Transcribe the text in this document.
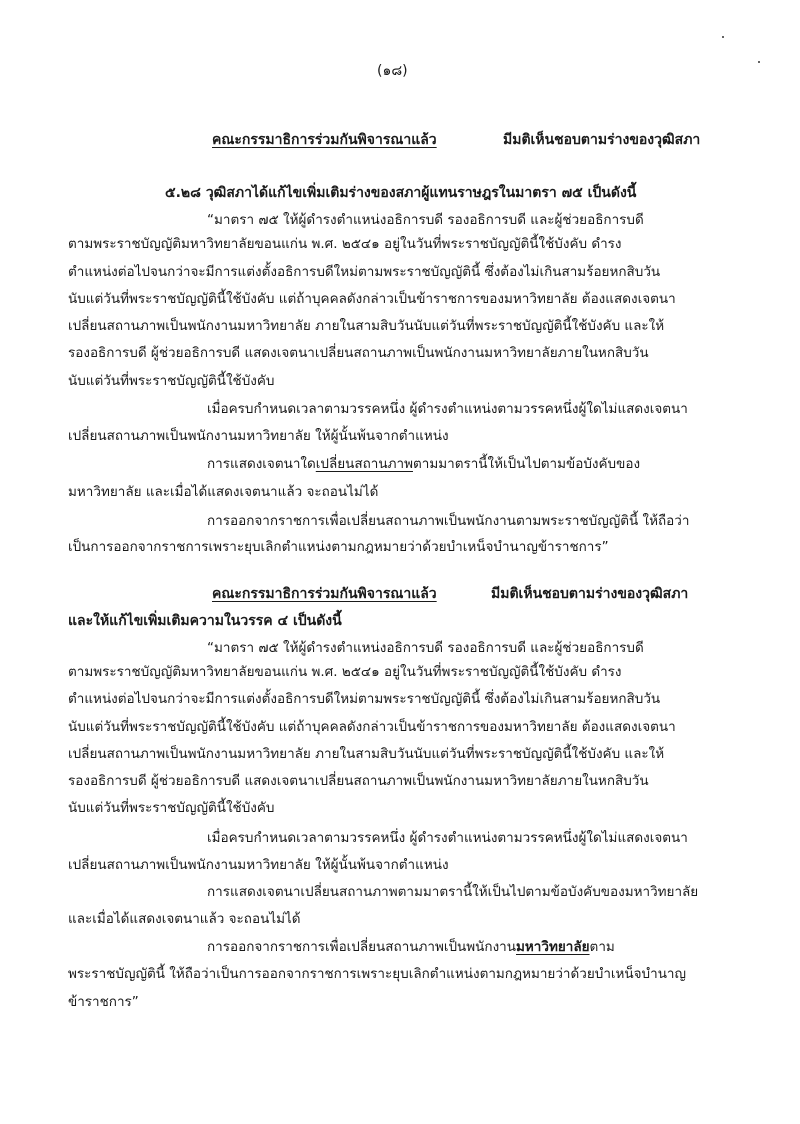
(๑๘)
คณะกรรมาธิการร่วมกันพิจารณาแล้ว	มีมติเห็นชอบตามร่างของวุฒิสภา
๕.๒๘ วุฒิสภาได้แก้ไขเพิ่มเติมร่างของสภาผู้แทนราษฎรในมาตรา ๗๕ เป็นดังนี้
“มาตรา ๗๕ ให้ผู้ดำรงตำแหน่งอธิการบดี รองอธิการบดี และผู้ช่วยอธิการบดี
ตามพระราชบัญญัติมหาวิทยาลัยขอนแก่น พ.ศ. ๒๕๔๑ อยู่ในวันที่พระราชบัญญัตินี้ใช้บังคับ ดำรง
ตำแหน่งต่อไปจนกว่าจะมีการแต่งตั้งอธิการบดีใหม่ตามพระราชบัญญัตินี้ ซึ่งต้องไม่เกินสามร้อยหกสิบวัน
นับแต่วันที่พระราชบัญญัตินี้ใช้บังคับ แต่ถ้าบุคคลดังกล่าวเป็นข้าราชการของมหาวิทยาลัย ต้องแสดงเจตนา
เปลี่ยนสถานภาพเป็นพนักงานมหาวิทยาลัย ภายในสามสิบวันนับแต่วันที่พระราชบัญญัตินี้ใช้บังคับ และให้
รองอธิการบดี ผู้ช่วยอธิการบดี แสดงเจตนาเปลี่ยนสถานภาพเป็นพนักงานมหาวิทยาลัยภายในหกสิบวัน
นับแต่วันที่พระราชบัญญัตินี้ใช้บังคับ
เมื่อครบกำหนดเวลาตามวรรคหนึ่ง ผู้ดำรงตำแหน่งตามวรรคหนึ่งผู้ใดไม่แสดงเจตนา
เปลี่ยนสถานภาพเป็นพนักงานมหาวิทยาลัย ให้ผู้นั้นพ้นจากตำแหน่ง
การแสดงเจตนาใดเปลี่ยนสถานภาพตามมาตรานี้ให้เป็นไปตามข้อบังคับของ
มหาวิทยาลัย และเมื่อได้แสดงเจตนาแล้ว จะถอนไม่ได้
การออกจากราชการเพื่อเปลี่ยนสถานภาพเป็นพนักงานตามพระราชบัญญัตินี้ ให้ถือว่า
เป็นการออกจากราชการเพราะยุบเลิกตำแหน่งตามกฎหมายว่าด้วยบำเหน็จบำนาญข้าราชการ”
คณะกรรมาธิการร่วมกันพิจารณาแล้ว	มีมติเห็นชอบตามร่างของวุฒิสภา
และให้แก้ไขเพิ่มเติมความในวรรค ๔ เป็นดังนี้
“มาตรา ๗๕ ให้ผู้ดำรงตำแหน่งอธิการบดี รองอธิการบดี และผู้ช่วยอธิการบดี
ตามพระราชบัญญัติมหาวิทยาลัยขอนแก่น พ.ศ. ๒๕๔๑ อยู่ในวันที่พระราชบัญญัตินี้ใช้บังคับ ดำรง
ตำแหน่งต่อไปจนกว่าจะมีการแต่งตั้งอธิการบดีใหม่ตามพระราชบัญญัตินี้ ซึ่งต้องไม่เกินสามร้อยหกสิบวัน
นับแต่วันที่พระราชบัญญัตินี้ใช้บังคับ แต่ถ้าบุคคลดังกล่าวเป็นข้าราชการของมหาวิทยาลัย ต้องแสดงเจตนา
เปลี่ยนสถานภาพเป็นพนักงานมหาวิทยาลัย ภายในสามสิบวันนับแต่วันที่พระราชบัญญัตินี้ใช้บังคับ และให้
รองอธิการบดี ผู้ช่วยอธิการบดี แสดงเจตนาเปลี่ยนสถานภาพเป็นพนักงานมหาวิทยาลัยภายในหกสิบวัน
นับแต่วันที่พระราชบัญญัตินี้ใช้บังคับ
เมื่อครบกำหนดเวลาตามวรรคหนึ่ง ผู้ดำรงตำแหน่งตามวรรคหนึ่งผู้ใดไม่แสดงเจตนา
เปลี่ยนสถานภาพเป็นพนักงานมหาวิทยาลัย ให้ผู้นั้นพ้นจากตำแหน่ง
การแสดงเจตนาเปลี่ยนสถานภาพตามมาตรานี้ให้เป็นไปตามข้อบังคับของมหาวิทยาลัย
และเมื่อได้แสดงเจตนาแล้ว จะถอนไม่ได้
การออกจากราชการเพื่อเปลี่ยนสถานภาพเป็นพนักงานมหาวิทยาลัยตาม
พระราชบัญญัตินี้ ให้ถือว่าเป็นการออกจากราชการเพราะยุบเลิกตำแหน่งตามกฎหมายว่าด้วยบำเหน็จบำนาญ
ข้าราชการ”
